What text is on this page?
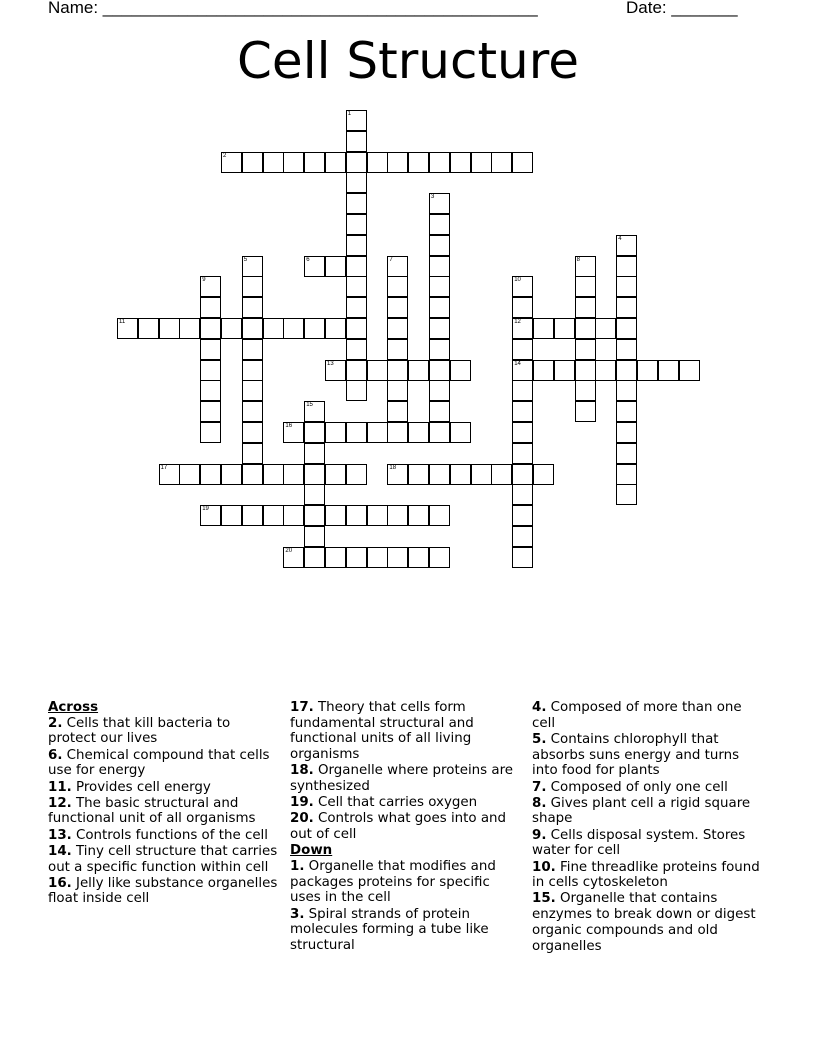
Name: ______________________________________________	Date: _______
Cell Structure
1
2
3
4
5	6	7	8
9	10
12
14
11
13
15
16
17	18
19
20
Across
2. Cells that kill bacteria to protect our lives
6. Chemical compound that cells use for energy
11. Provides cell energy
12. The basic structural and functional unit of all organisms
13. Controls functions of the cell
14. Tiny cell structure that carries out a specific function within cell
16. Jelly like substance organelles float inside cell
17. Theory that cells form fundamental structural and functional units of all living organisms
18. Organelle where proteins are synthesized
19. Cell that carries oxygen
20. Controls what goes into and out of cell
Down
1. Organelle that modifies and packages proteins for specific uses in the cell
3. Spiral strands of protein molecules forming a tube like structural
4. Composed of more than one cell
5. Contains chlorophyll that absorbs suns energy and turns into food for plants
7. Composed of only one cell
8. Gives plant cell a rigid square shape
9. Cells disposal system. Stores water for cell
10. Fine threadlike proteins found in cells cytoskeleton
15. Organelle that contains enzymes to break down or digest organic compounds and old organelles
